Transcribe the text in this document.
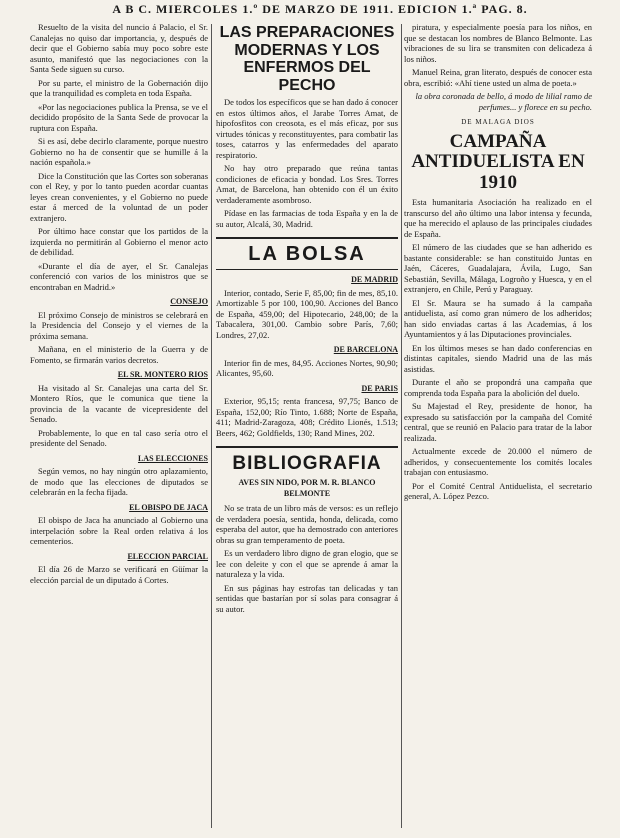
A B C. MIERCOLES 1.º DE MARZO DE 1911. EDICION 1.ª PAG. 8.

Resuelto de la visita del nuncio á Palacio, el Sr. Canalejas no quiso dar importancia, y, después de decir que el Gobierno sabía muy poco sobre este asunto, manifestó que las negociaciones con la Santa Sede siguen su curso.

Por su parte, el ministro de la Gobernación dijo que la tranquilidad es completa en toda España.

«Por las negociaciones publica la Prensa, se ve el decidido propósito de la Santa Sede de provocar la ruptura con España.

Si es así, debe decirlo claramente, porque nuestro Gobierno no ha de consentir que se humille á la nación española.»

Dice la Constitución que las Cortes son soberanas con el Rey, y por lo tanto pueden acordar cuantas leyes crean convenientes, y el Gobierno no puede estar á merced de la voluntad de un poder extranjero.

Por último hace constar que los partidos de la izquierda no permitirán al Gobierno el menor acto de debilidad.

«Durante el día de ayer, el Sr. Canalejas conferenció con varios de los ministros que se encontraban en Madrid.»

CONSEJO

El próximo Consejo de ministros se celebrará en la Presidencia del Consejo y el viernes de la próxima semana.

Mañana, en el ministerio de la Guerra y de Fomento, se firmarán varios decretos.

EL SR. MONTERO RIOS

Ha visitado al Sr. Canalejas una carta del Sr. Montero Ríos, que le comunica que tiene la provincia de la vacante de vicepresidente del Senado.

Probablemente, lo que en tal caso sería otro el presidente del Senado.

LAS ELECCIONES

Según vemos, no hay ningún otro aplazamiento, de modo que las elecciones de diputados se celebrarán en la fecha fijada.

EL OBISPO DE JACA

El obispo de Jaca ha anunciado al Gobierno una interpelación sobre la Real orden relativa á los cementerios.

ELECCION PARCIAL

El día 26 de Marzo se verificará en Güímar la elección parcial de un diputado á Cortes.

LAS PREPARACIONES MODERNAS Y LOS ENFERMOS DEL PECHO

De todos los específicos que se han dado á conocer en estos últimos años, el Jarabe Torres Amat, de hipofosfitos con creosota, es el más eficaz, por sus virtudes tónicas y reconstituyentes, para combatir las toses, catarros y las enfermedades del aparato respiratorio.

No hay otro preparado que reúna tantas condiciones de eficacia y bondad. Los Sres. Torres Amat, de Barcelona, han obtenido con él un éxito verdaderamente asombroso.

Pídase en las farmacias de toda España y en la de su autor, Alcalá, 30, Madrid.

LA BOLSA
DE MADRID

Interior, contado, Serie F, 85,00; fin de mes, 85,10. Amortizable 5 por 100, 100,90. Acciones del Banco de España, 459,00; del Hipotecario, 248,00; de la Tabacalera, 301,00. Cambio sobre París, 7,60; Londres, 27,02.

DE BARCELONA

Interior fin de mes, 84,95. Acciones Nortes, 90,90; Alicantes, 95,60.

DE PARIS

Exterior, 95,15; renta francesa, 97,75; Banco de España, 152,00; Río Tinto, 1.688; Norte de España, 411; Madrid-Zaragoza, 408; Crédito Lionés, 1.513; Beers, 462; Goldfields, 130; Rand Mines, 202.

BIBLIOGRAFIA
AVES SIN NIDO, POR M. R. BLANCO BELMONTE

No se trata de un libro más de versos: es un reflejo de verdadera poesía, sentida, honda, delicada, como esperaba del autor, que ha demostrado con anteriores obras su gran temperamento de poeta.

Es un verdadero libro digno de gran elogio, que se lee con deleite y con el que se aprende á amar la naturaleza y la vida.

En sus páginas hay estrofas tan delicadas y tan sentidas que bastarían por sí solas para consagrar á su autor.

piratura, y especialmente poesía para los niños, en que se destacan los nombres de Blanco Belmonte. Las vibraciones de su lira se transmiten con delicadeza á los niños.

Manuel Reina, gran literato, después de conocer esta obra, escribió: «Ahí tiene usted un alma de poeta.»

la obra coronada de bello, á modo de lilial ramo de perfumes... y florece en su pecho.

DE MALAGA DIOS
CAMPAÑA ANTIDUELISTA EN 1910

Esta humanitaria Asociación ha realizado en el transcurso del año último una labor intensa y fecunda, que ha merecido el aplauso de las principales ciudades de España.

El número de las ciudades que se han adherido es bastante considerable: se han constituido Juntas en Jaén, Cáceres, Guadalajara, Ávila, Lugo, San Sebastián, Sevilla, Málaga, Logroño y Huesca, y en el extranjero, en Chile, Perú y Paraguay.

El Sr. Maura se ha sumado á la campaña antiduelista, así como gran número de los adheridos; han sido enviadas cartas á las Academias, á los Ayuntamientos y á las Diputaciones provinciales.

En los últimos meses se han dado conferencias en distintas capitales, siendo Madrid una de las más asistidas.

Durante el año se propondrá una campaña que comprenda toda España para la abolición del duelo.

Su Majestad el Rey, presidente de honor, ha expresado su satisfacción por la campaña del Comité central, que se reunió en Palacio para tratar de la labor realizada.

Actualmente excede de 20.000 el número de adheridos, y consecuentemente los comités locales trabajan con entusiasmo.

Por el Comité Central Antiduelista, el secretario general, A. López Pezco.
